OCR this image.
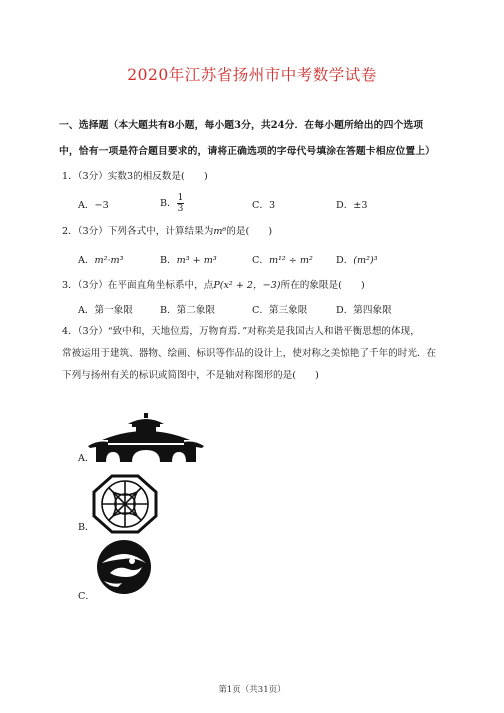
2020年江苏省扬州市中考数学试卷
一、选择题（本大题共有8小题，每小题3分，共24分．在每小题所给出的四个选项
中，恰有一项是符合题目要求的，请将正确选项的字母代号填涂在答题卡相应位置上）
1．（3分）实数3的相反数是(　　)
A．−3	B． $\frac{1}{3}$	C．3	D．±3
2．（3分）下列各式中，计算结果为m⁶的是(　　)
A．m²·m³	B．m³ + m³	C．m¹² ÷ m² D．(m²)³
3．（3分）在平面直角坐标系中，点P(x² + 2，−3)所在的象限是(　　)
A．第一象限	B．第二象限	C．第三象限	D．第四象限
4．（3分）“致中和，天地位焉，万物育焉．”对称美是我国古人和谐平衡思想的体现，
常被运用于建筑、器物、绘画、标识等作品的设计上，使对称之美惊艳了千年的时光．在
下列与扬州有关的标识或简图中，不是轴对称图形的是(　　)
A．
B．
C．
第1页（共31页）
